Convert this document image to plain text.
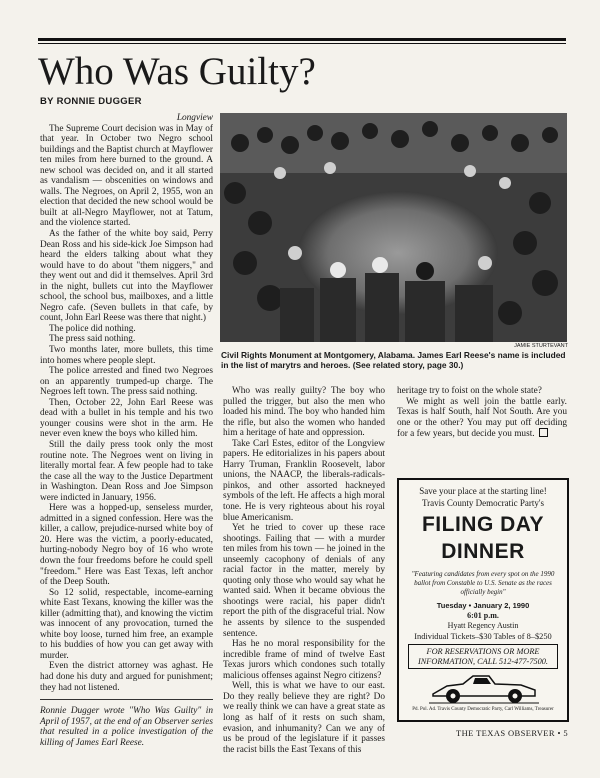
Who Was Guilty?
BY RONNIE DUGGER

Longview

The Supreme Court decision was in May of that year. In October two Negro school buildings and the Baptist church at Mayflower ten miles from here burned to the ground. A new school was decided on, and it all started as vandalism — obscenities on windows and walls. The Negroes, on April 2, 1955, won an election that decided the new school would be built at all-Negro Mayflower, not at Tatum, and the violence started.

As the father of the white boy said, Perry Dean Ross and his side-kick Joe Simpson had heard the elders talking about what they would have to do about "them niggers," and they went out and did it themselves. April 3rd in the night, bullets cut into the Mayflower school, the school bus, mailboxes, and a little Negro cafe. (Seven bullets in that cafe, by count, John Earl Reese was there that night.)

The police did nothing.

The press said nothing.

Two months later, more bullets, this time into homes where people slept.

The police arrested and fined two Negroes on an apparently trumped-up charge. The Negroes left town. The press said nothing.

Then, October 22, John Earl Reese was dead with a bullet in his temple and his two younger cousins were shot in the arm. He never even knew the boys who killed him.

Still the daily press took only the most routine note. The Negroes went on living in literally mortal fear. A few people had to take the case all the way to the Justice Department in Washington. Dean Ross and Joe Simpson were indicted in January, 1956.

Here was a hopped-up, senseless murder, admitted in a signed confession. Here was the killer, a callow, prejudice-nursed white boy of 20. Here was the victim, a poorly-educated, hurting-nobody Negro boy of 16 who wrote down the four freedoms before he could spell "freedom." Here was East Texas, left anchor of the Deep South.

So 12 solid, respectable, income-earning white East Texans, knowing the killer was the killer (admitting that), and knowing the victim was innocent of any provocation, turned the white boy loose, turned him free, an example to his buddies of how you can get away with murder.

Even the district attorney was aghast. He had done his duty and argued for punishment; they had not listened.

Ronnie Dugger wrote "Who Was Guilty" in April of 1957, at the end of an Observer series that resulted in a police investigation of the killing of James Earl Reese.

JAMIE STURTEVANT
Civil Rights Monument at Montgomery, Alabama. James Earl Reese's name is included in the list of marytrs and heroes. (See related story, page 30.)

Who was really guilty? The boy who pulled the trigger, but also the men who loaded his mind. The boy who handed him the rifle, but also the women who handed him a heritage of hate and oppression.

Take Carl Estes, editor of the Longview papers. He editorializes in his papers about Harry Truman, Franklin Roosevelt, labor unions, the NAACP, the liberals-radicals-pinkos, and other assorted hackneyed symbols of the left. He affects a high moral tone. He is very righteous about his royal blue Americanism.

Yet he tried to cover up these race shootings. Failing that — with a murder ten miles from his town — he joined in the unseemly cacophony of denials of any racial factor in the matter, merely by quoting only those who would say what he wanted said. When it became obvious the shootings were racial, his paper didn't report the pith of the disgraceful trial. Now he assents by silence to the suspended sentence.

Has he no moral responsibility for the incredible frame of mind of twelve East Texas jurors which condones such totally malicious offenses against Negro citizens?

Well, this is what we have to our east. Do they really believe they are right? Do we really think we can have a great state as long as half of it rests on such sham, evasion, and inhumanity? Can we any of us be proud of the legislature if it passes the racist bills the East Texans of this

heritage try to foist on the whole state?

We might as well join the battle early. Texas is half South, half Not South. Are you one or the other? You may put off deciding for a few years, but decide you must.

Save your place at the starting line!
Travis County Democratic Party's
FILING DAY
DINNER
"Featuring candidates from every spot on the 1990 ballot from Constable to U.S. Senate as the races officially begin"
Tuesday • January 2, 1990
6:01 p.m.
Hyatt Regency Austin
Individual Tickets–$30 Tables of 8–$250
FOR RESERVATIONS OR MORE INFORMATION, CALL 512-477-7500.
Pd. Pol. Ad. Travis County Democratic Party, Carl Williams, Treasurer
THE TEXAS OBSERVER • 5
